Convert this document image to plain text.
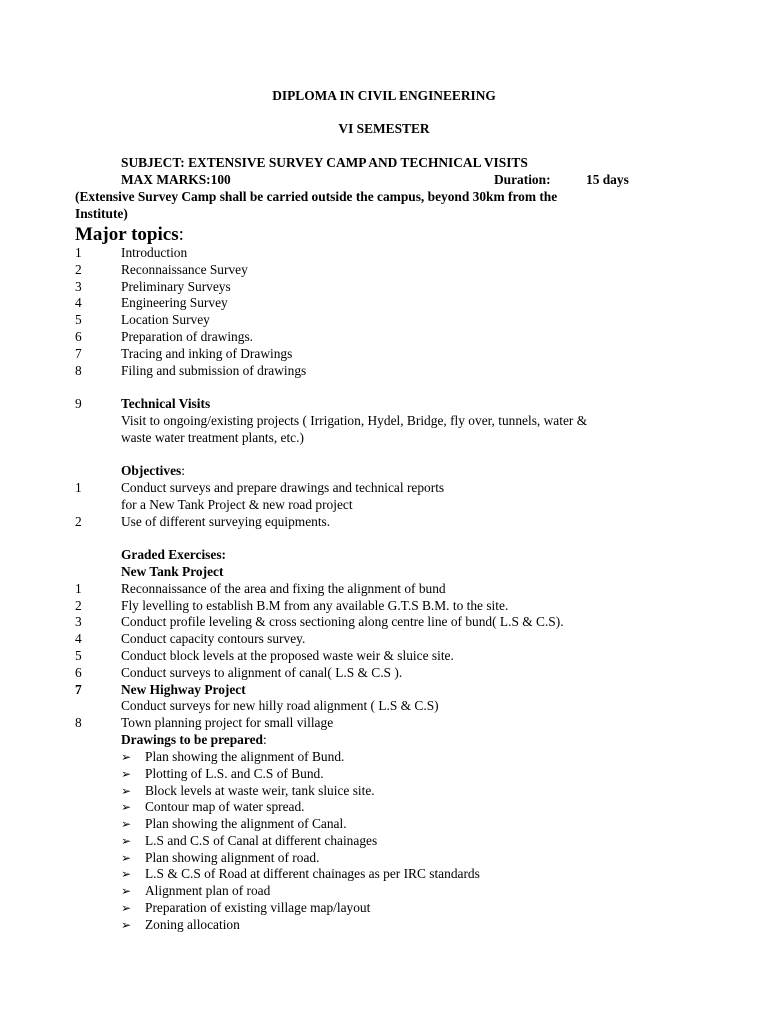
DIPLOMA IN CIVIL ENGINEERING
VI SEMESTER
SUBJECT: EXTENSIVE SURVEY CAMP AND TECHNICAL VISITS
MAX MARKS:100	Duration:	15 days
(Extensive Survey Camp shall be carried outside the campus, beyond 30km from the
Institute)
Major topics:
1	Introduction
2	Reconnaissance Survey
3	Preliminary Surveys
4	Engineering Survey
5	Location Survey
6	Preparation of drawings.
7	Tracing and inking of Drawings
8	Filing and submission of drawings
9	Technical Visits
Visit to ongoing/existing projects ( Irrigation, Hydel, Bridge, fly over, tunnels, water &
waste water treatment plants, etc.)
Objectives:
1	Conduct surveys and prepare drawings and technical reports
for a New Tank Project & new road project
2	Use of different surveying equipments.
Graded Exercises:
New Tank Project
1	Reconnaissance of the area and fixing the alignment of bund
2	Fly levelling to establish B.M from any available G.T.S B.M. to the site.
3	Conduct profile leveling & cross sectioning along centre line of bund( L.S & C.S).
4	Conduct capacity contours survey.
5	Conduct block levels at the proposed waste weir & sluice site.
6	Conduct surveys to alignment of canal( L.S & C.S ).
7	New Highway Project
Conduct surveys for new hilly road alignment ( L.S & C.S)
8	Town planning project for small village
Drawings to be prepared:
➢ Plan showing the alignment of Bund.
➢ Plotting of L.S. and C.S of Bund.
➢ Block levels at waste weir, tank sluice site.
➢ Contour map of water spread.
➢ Plan showing the alignment of Canal.
➢ L.S and C.S of Canal at different chainages
➢ Plan showing alignment of road.
➢ L.S & C.S of Road at different chainages as per IRC standards
➢ Alignment plan of road
➢ Preparation of existing village map/layout
➢ Zoning allocation
